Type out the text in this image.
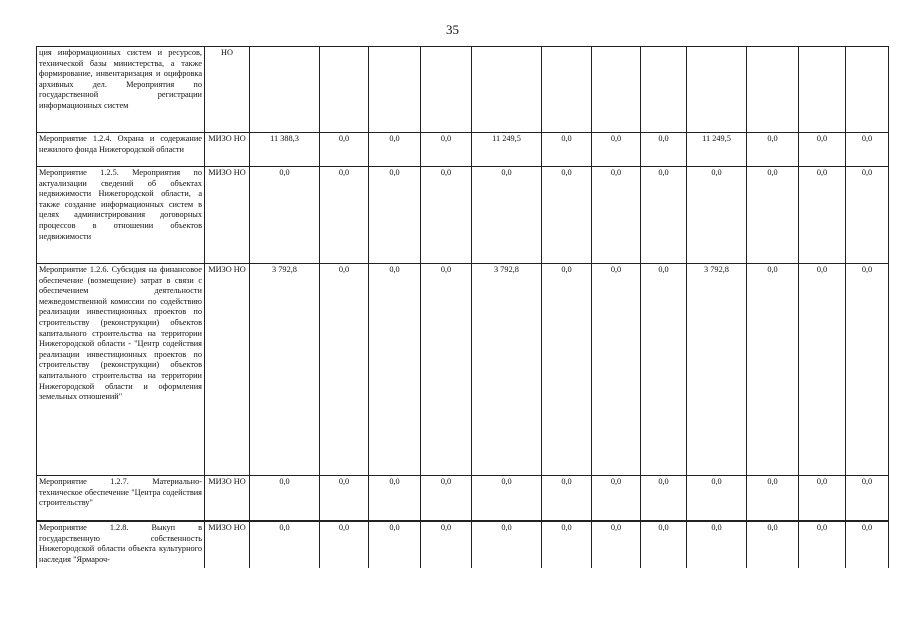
35
ция информационных систем и ресурсов, технической базы министерства, а также формирование, инвентаризация и оцифровка архивных дел. Мероприятия по государственной регистрации информационных систем	НО												
Мероприятие 1.2.4. Охрана и содержание нежилого фонда Нижегородской области	МИЗО НО	11 388,3	0,0	0,0	0,0	11 249,5	0,0	0,0	0,0	11 249,5	0,0	0,0	0,0
Мероприятие 1.2.5. Мероприятия по актуализации сведений об объектах недвижимости Нижегородской области, а также создание информационных систем в целях администрирования договорных процессов в отношении объектов недвижимости	МИЗО НО	0,0	0,0	0,0	0,0	0,0	0,0	0,0	0,0	0,0	0,0	0,0	0,0
Мероприятие 1.2.6. Субсидия на финансовое обеспечение (возмещение) затрат в связи с обеспечением деятельности межведомственной комиссии по содействию реализации инвестиционных проектов по строительству (реконструкции) объектов капитального строительства на территории Нижегородской области - "Центр содействия реализации инвестиционных проектов по строительству (реконструкции) объектов капитального строительства на территории Нижегородской области и оформления земельных отношений"	МИЗО НО	3 792,8	0,0	0,0	0,0	3 792,8	0,0	0,0	0,0	3 792,8	0,0	0,0	0,0
Мероприятие 1.2.7. Материально-техническое обеспечение "Центра содействия строительству"	МИЗО НО	0,0	0,0	0,0	0,0	0,0	0,0	0,0	0,0	0,0	0,0	0,0	0,0
Мероприятие 1.2.8. Выкуп в государственную собственность Нижегородской области объекта культурного наследия "Ярмароч-	МИЗО НО	0,0	0,0	0,0	0,0	0,0	0,0	0,0	0,0	0,0	0,0	0,0	0,0
